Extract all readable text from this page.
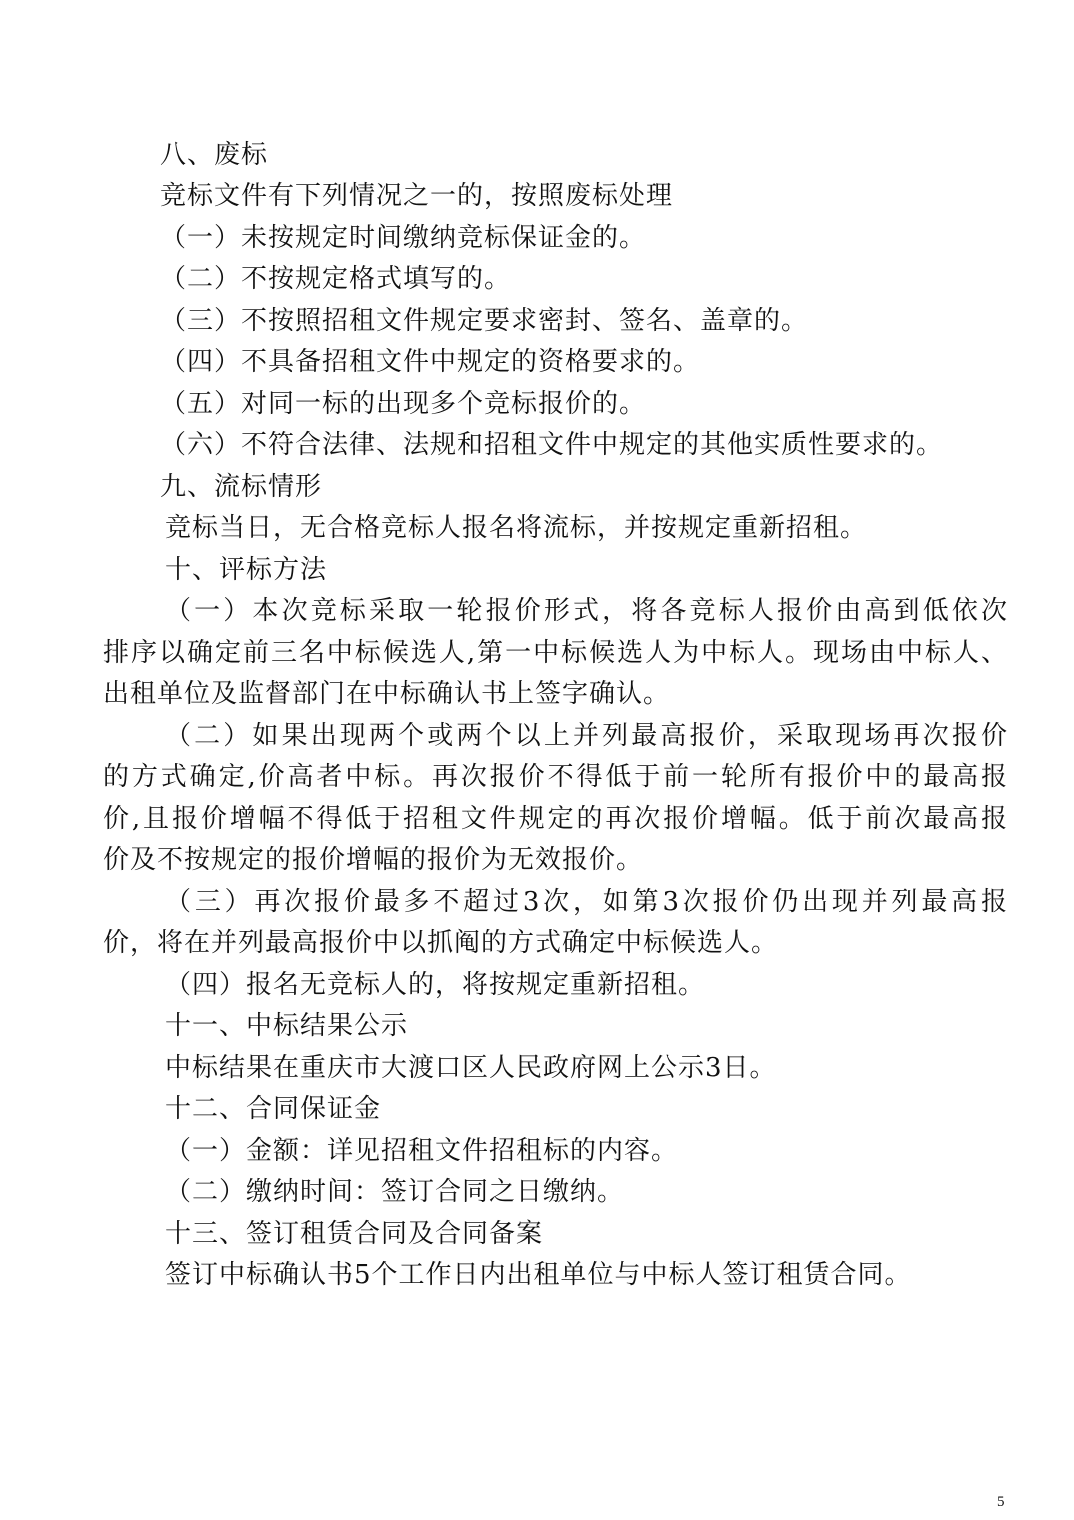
八、废标
竞标文件有下列情况之一的，按照废标处理
（一）未按规定时间缴纳竞标保证金的。
（二）不按规定格式填写的。
（三）不按照招租文件规定要求密封、签名、盖章的。
（四）不具备招租文件中规定的资格要求的。
（五）对同一标的出现多个竞标报价的。
（六）不符合法律、法规和招租文件中规定的其他实质性要求的。
九、流标情形
竞标当日，无合格竞标人报名将流标，并按规定重新招租。
十、评标方法
（一）本次竞标采取一轮报价形式，将各竞标人报价由高到低依次
排序以确定前三名中标候选人,第一中标候选人为中标人。现场由中标人、
出租单位及监督部门在中标确认书上签字确认。
（二）如果出现两个或两个以上并列最高报价，采取现场再次报价
的方式确定,价高者中标。再次报价不得低于前一轮所有报价中的最高报
价,且报价增幅不得低于招租文件规定的再次报价增幅。低于前次最高报
价及不按规定的报价增幅的报价为无效报价。
（三）再次报价最多不超过3次，如第3次报价仍出现并列最高报
价，将在并列最高报价中以抓阄的方式确定中标候选人。
（四）报名无竞标人的，将按规定重新招租。
十一、中标结果公示
中标结果在重庆市大渡口区人民政府网上公示3日。
十二、合同保证金
（一）金额：详见招租文件招租标的内容。
（二）缴纳时间：签订合同之日缴纳。
十三、签订租赁合同及合同备案
签订中标确认书5个工作日内出租单位与中标人签订租赁合同。
5
